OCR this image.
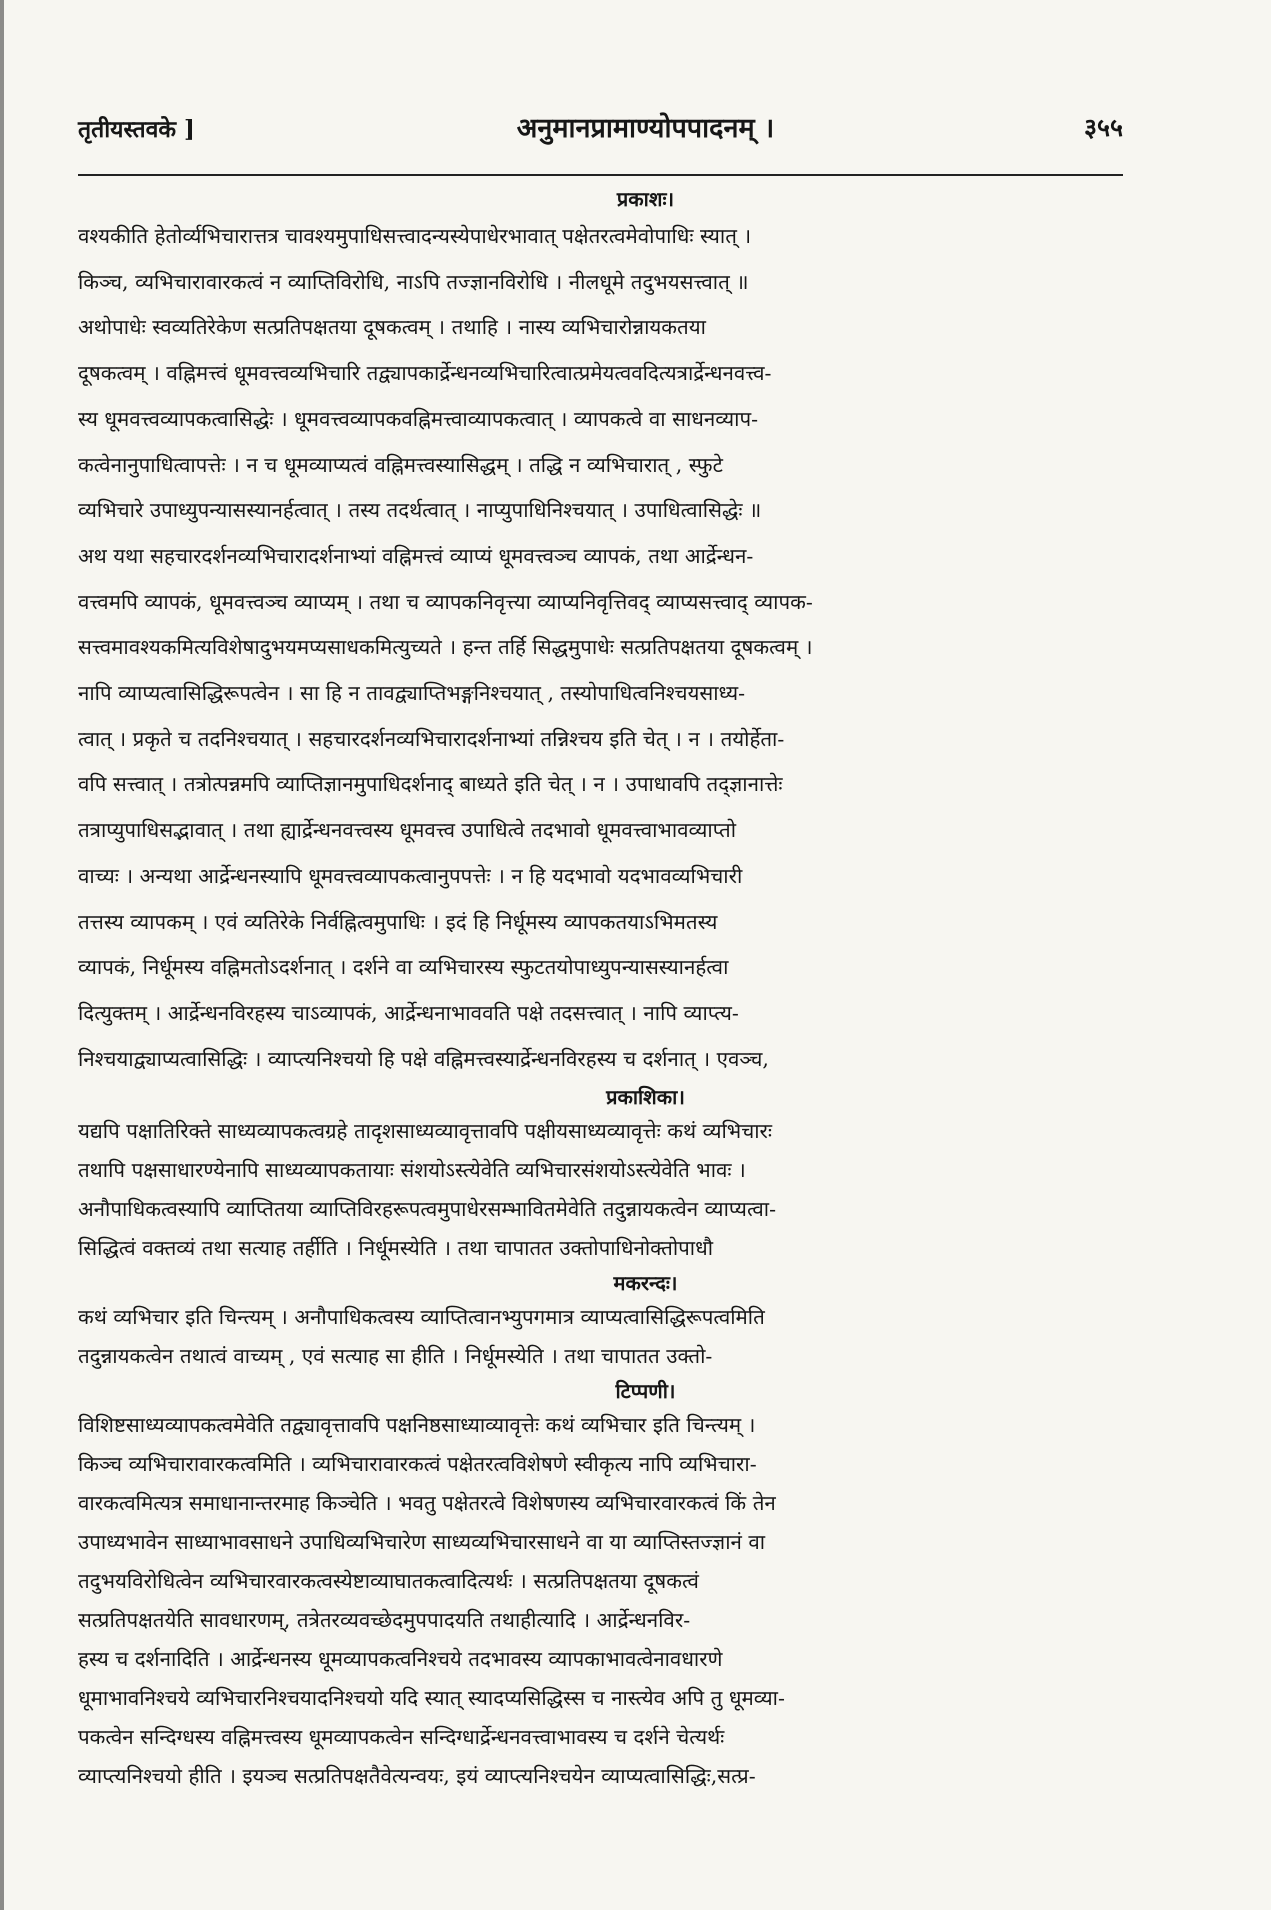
तृतीयस्तवके ]	अनुमानप्रामाण्योपपादनम् ।	३५५
प्रकाशः।
वश्यकीति हेतोर्व्यभिचारात्तत्र चावश्यमुपाधिसत्त्वादन्यस्येपाधेरभावात् पक्षेतरत्वमेवोपाधिः स्यात् ।
किञ्च, व्यभिचारावारकत्वं न व्याप्तिविरोधि, नाऽपि तज्ज्ञानविरोधि । नीलधूमे तदुभयसत्त्वात् ॥
अथोपाधेः स्वव्यतिरेकेण सत्प्रतिपक्षतया दूषकत्वम् । तथाहि । नास्य व्यभिचारोन्नायकतया
दूषकत्वम् । वह्निमत्त्वं धूमवत्त्वव्यभिचारि तद्व्यापकार्द्रेन्धनव्यभिचारित्वात्प्रमेयत्ववदित्यत्रार्द्रेन्धनवत्त्व-
स्य धूमवत्त्वव्यापकत्वासिद्धेः । धूमवत्त्वव्यापकवह्निमत्त्वाव्यापकत्वात् । व्यापकत्वे वा साधनव्याप-
कत्वेनानुपाधित्वापत्तेः । न च धूमव्याप्यत्वं वह्निमत्त्वस्यासिद्धम् । तद्धि न व्यभिचारात् , स्फुटे
व्यभिचारे उपाध्युपन्यासस्यानर्हत्वात् । तस्य तदर्थत्वात् । नाप्युपाधिनिश्चयात् । उपाधित्वासिद्धेः ॥
अथ यथा सहचारदर्शनव्यभिचारादर्शनाभ्यां वह्निमत्त्वं व्याप्यं धूमवत्त्वञ्च व्यापकं, तथा आर्द्रेन्धन-
वत्त्वमपि व्यापकं, धूमवत्त्वञ्च व्याप्यम् । तथा च व्यापकनिवृत्त्या व्याप्यनिवृत्तिवद् व्याप्यसत्त्वाद् व्यापक-
सत्त्वमावश्यकमित्यविशेषादुभयमप्यसाधकमित्युच्यते । हन्त तर्हि सिद्धमुपाधेः सत्प्रतिपक्षतया दूषकत्वम् ।
नापि व्याप्यत्वासिद्धिरूपत्वेन । सा हि न तावद्व्याप्तिभङ्गनिश्चयात् , तस्योपाधित्वनिश्चयसाध्य-
त्वात् । प्रकृते च तदनिश्चयात् । सहचारदर्शनव्यभिचारादर्शनाभ्यां तन्निश्चय इति चेत् । न । तयोर्हेता-
वपि सत्त्वात् । तत्रोत्पन्नमपि व्याप्तिज्ञानमुपाधिदर्शनाद् बाध्यते इति चेत् । न । उपाधावपि तद्ज्ञानात्तेः
तत्राप्युपाधिसद्भावात् । तथा ह्यार्द्रेन्धनवत्त्वस्य धूमवत्त्व उपाधित्वे तदभावो धूमवत्त्वाभावव्याप्तो
वाच्यः । अन्यथा आर्द्रेन्धनस्यापि धूमवत्त्वव्यापकत्वानुपपत्तेः । न हि यदभावो यदभावव्यभिचारी
तत्तस्य व्यापकम् । एवं व्यतिरेके निर्वह्नित्वमुपाधिः । इदं हि निर्धूमस्य व्यापकतयाऽभिमतस्य
व्यापकं, निर्धूमस्य वह्निमतोऽदर्शनात् । दर्शने वा व्यभिचारस्य स्फुटतयोपाध्युपन्यासस्यानर्हत्वा
दित्युक्तम् । आर्द्रेन्धनविरहस्य चाऽव्यापकं, आर्द्रेन्धनाभाववति पक्षे तदसत्त्वात् । नापि व्याप्त्य-
निश्चयाद्व्याप्यत्वासिद्धिः । व्याप्त्यनिश्चयो हि पक्षे वह्निमत्त्वस्यार्द्रेन्धनविरहस्य च दर्शनात् । एवञ्च,
प्रकाशिका।
यद्यपि पक्षातिरिक्ते साध्यव्यापकत्वग्रहे तादृशसाध्यव्यावृत्तावपि पक्षीयसाध्यव्यावृत्तेः कथं व्यभिचारः
तथापि पक्षसाधारण्येनापि साध्यव्यापकतायाः संशयोऽस्त्येवेति व्यभिचारसंशयोऽस्त्येवेति भावः ।
अनौपाधिकत्वस्यापि व्याप्तितया व्याप्तिविरहरूपत्वमुपाधेरसम्भावितमेवेति तदुन्नायकत्वेन व्याप्यत्वा-
सिद्धित्वं वक्तव्यं तथा सत्याह तर्हीति । निर्धूमस्येति । तथा चापातत उक्तोपाधिनोक्तोपाधौ
मकरन्दः।
कथं व्यभिचार इति चिन्त्यम् । अनौपाधिकत्वस्य व्याप्तित्वानभ्युपगमात्र व्याप्यत्वासिद्धिरूपत्वमिति
तदुन्नायकत्वेन तथात्वं वाच्यम् , एवं सत्याह सा हीति । निर्धूमस्येति । तथा चापातत उक्तो-
टिप्पणी।
विशिष्टसाध्यव्यापकत्वमेवेति तद्व्यावृत्तावपि पक्षनिष्ठसाध्याव्यावृत्तेः कथं व्यभिचार इति चिन्त्यम् ।
किञ्च व्यभिचारावारकत्वमिति । व्यभिचारावारकत्वं पक्षेतरत्वविशेषणे स्वीकृत्य नापि व्यभिचारा-
वारकत्वमित्यत्र समाधानान्तरमाह किञ्चेति । भवतु पक्षेतरत्वे विशेषणस्य व्यभिचारवारकत्वं किं तेन
उपाध्यभावेन साध्याभावसाधने उपाधिव्यभिचारेण साध्यव्यभिचारसाधने वा या व्याप्तिस्तज्ज्ञानं वा
तदुभयविरोधित्वेन व्यभिचारवारकत्वस्येष्टाव्याघातकत्वादित्यर्थः । सत्प्रतिपक्षतया दूषकत्वं
सत्प्रतिपक्षतयेति सावधारणम्, तत्रेतरव्यवच्छेदमुपपादयति तथाहीत्यादि । आर्द्रेन्धनविर-
हस्य च दर्शनादिति । आर्द्रेन्धनस्य धूमव्यापकत्वनिश्चये तदभावस्य व्यापकाभावत्वेनावधारणे
धूमाभावनिश्चये व्यभिचारनिश्चयादनिश्चयो यदि स्यात् स्यादप्यसिद्धिस्स च नास्त्येव अपि तु धूमव्या-
पकत्वेन सन्दिग्धस्य वह्निमत्त्वस्य धूमव्यापकत्वेन सन्दिग्धार्द्रेन्धनवत्त्वाभावस्य च दर्शने चेत्यर्थः
व्याप्त्यनिश्चयो हीति । इयञ्च सत्प्रतिपक्षतैवेत्यन्वयः, इयं व्याप्त्यनिश्चयेन व्याप्यत्वासिद्धिः,सत्प्र-
